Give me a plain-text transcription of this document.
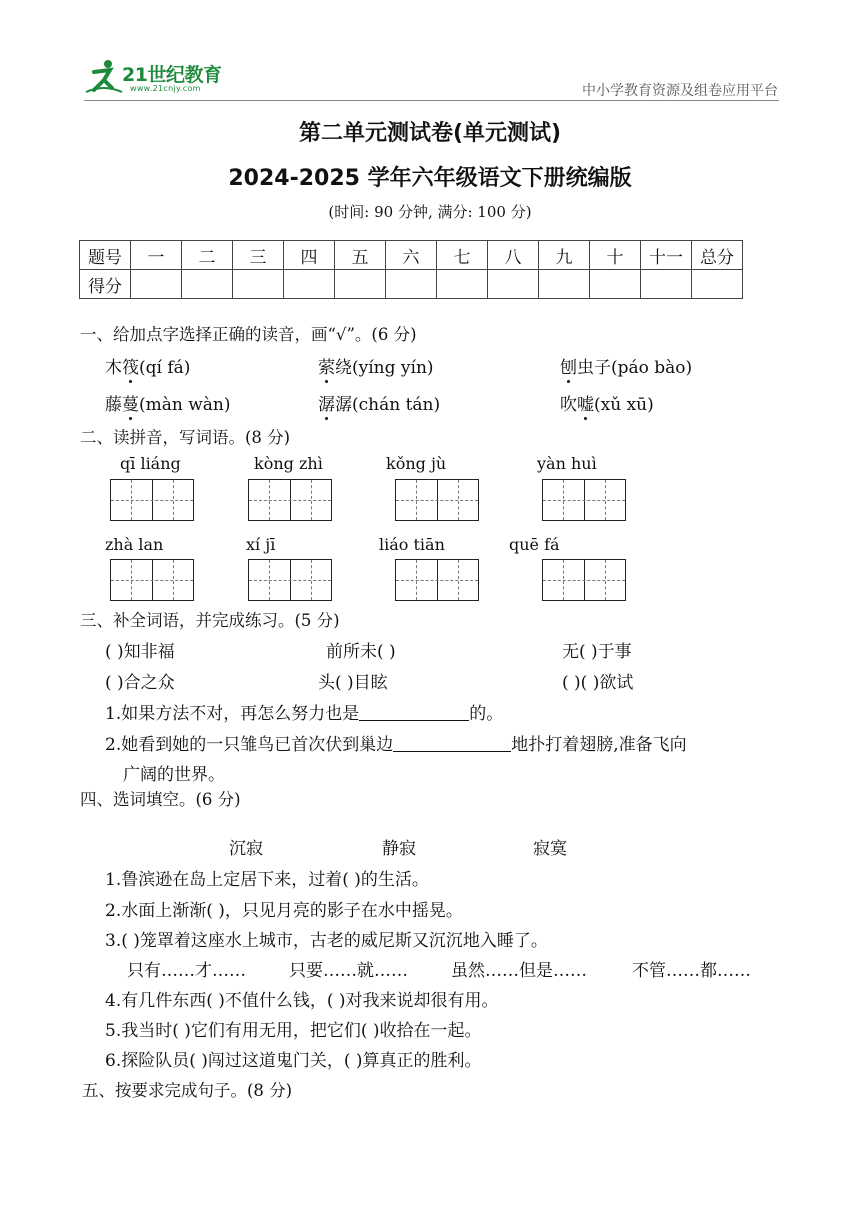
21世纪教育
www.21cnjy.com	中小学教育资源及组卷应用平台
第二单元测试卷(单元测试)
2024-2025 学年六年级语文下册统编版
(时间: 90 分钟, 满分: 100 分)
题号	一	二	三	四	五	六	七	八	九	十	十一	总分
得分												
一、给加点字选择正确的读音，画“√”。(6 分)
木筏(qí fá)	萦绕(yíng yín)	刨虫子(páo bào)
藤蔓(màn wàn)	潺潺(chán tán)	吹嘘(xǔ xū)
二、读拼音，写词语。(8 分)
qī liáng	kòng zhì	kǒng jù	yàn huì
zhà lan	xí jī	liáo tiān	quē fá
三、补全词语，并完成练习。(5 分)
( )知非福	前所未( )	无( )于事
( )合之众	头( )目眩	( )( )欲试
1.如果方法不对，再怎么努力也是	的。
2.她看到她的一只雏鸟已首次伏到巢边	地扑打着翅膀,准备飞向
广阔的世界。
四、选词填空。(6 分)
沉寂	静寂	寂寞
1.鲁滨逊在岛上定居下来，过着( )的生活。
2.水面上渐渐( )，只见月亮的影子在水中摇晃。
3.( )笼罩着这座水上城市，古老的威尼斯又沉沉地入睡了。
只有……才……	只要……就……	虽然……但是……	不管……都……
4.有几件东西( )不值什么钱，( )对我来说却很有用。
5.我当时( )它们有用无用，把它们( )收拾在一起。
6.探险队员( )闯过这道鬼门关，( )算真正的胜利。
五、按要求完成句子。(8 分)
